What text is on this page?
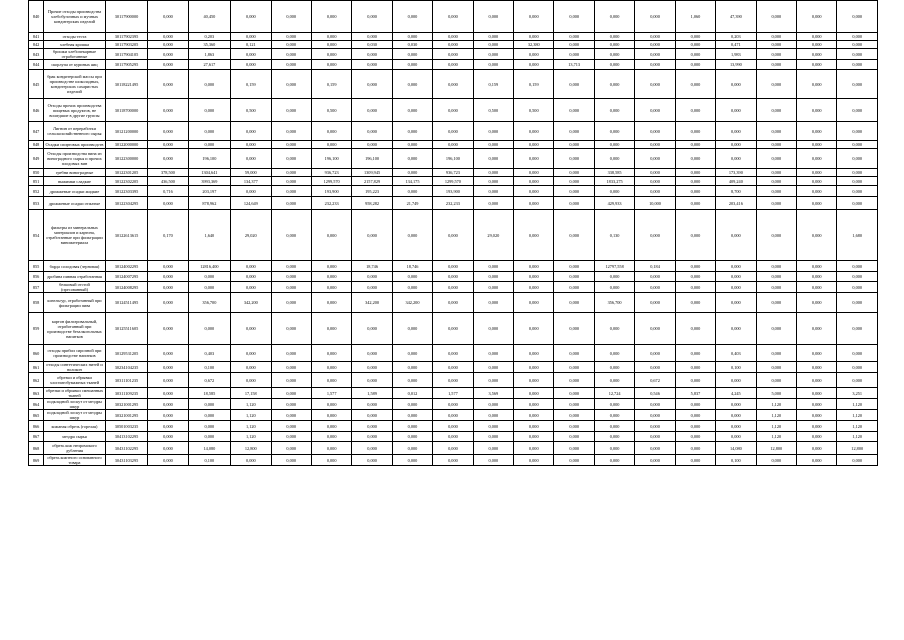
840	Прочие отходы производства хлебобулочных и мучных кондитерских изделий	30117900000	0,000	40,450	0,000	0,000	0,000	0,000	0,000	0,000	0,000	0,000	0,000	0,000	0,000	1,060	47,390	0,000	0,000	0,000
841	отходы теста	30117902395	0,000	0,203	0,000	0,000	0,000	0,000	0,000	0,000	0,000	0,000	0,000	0,000	0,000	0,000	0,203	0,000	0,000	0,000
842	хлебная крошка	30117903205	0,000	35,360	0,121	0,000	0,000	0,030	0,030	0,000	0,000	32,380	0,000	0,000	0,000	0,000	0,471	0,000	0,000	0,000
843	брошки хлебопекарные отработанные	30117904105	0,000	1,863	0,000	0,000	0,000	0,000	0,000	0,000	0,000	0,000	0,000	0,000	0,000	0,000	1,983	0,000	0,000	0,000
844	скорлупа от куриных яиц	30117905295	0,000	27,617	0,000	0,000	0,000	0,000	0,000	0,000	0,000	0,000	13,713	0,000	0,000	0,000	13,990	0,000	0,000	0,000
845	брак кондитерской массы при производстве шоколадных, кондитерских сахаристых изделий	30118221495	0,000	0,000	0,159	0,000	0,159	0,000	0,000	0,000	0,159	0,159	0,000	0,000	0,000	0,000	0,000	0,000	0,000	0,000
846	Отходы прочих производства пищевых продуктов, не вошедшие в другие группы	30118700000	0,000	0,000	0,500	0,000	0,500	0,000	0,000	0,000	0,500	0,500	0,000	0,000	0,000	0,000	0,000	0,000	0,000	0,000
847	Лигнин от переработки сельскохозяйственного сырья	30121200000	0,000	0,000	0,000	0,000	0,000	0,000	0,000	0,000	0,000	0,000	0,000	0,000	0,000	0,000	0,000	0,000	0,000	0,000
848	Осадки спиртовых производств	30122000000	0,000	0,000	0,000	0,000	0,000	0,000	0,000	0,000	0,000	0,000	0,000	0,000	0,000	0,000	0,000	0,000	0,000	0,000
849	Отходы производства вина из виноградного сырья и прочих плодовых вин	30122300000	0,000	196,100	0,000	0,000	196,100	196,100	0,000	196,100	0,000	0,000	0,000	0,000	0,000	0,000	0,000	0,000	0,000	0,000
850	гребни виноградные	30122301205	378,500	1304,641	59,000	0,000	936,723	1309,945	0,000	936,723	0,000	0,000	0,000	338,585	0,000	0,000	173,390	0,000	0,000	0,000
851	выжимки сладкие	30122302205	436,500	3993,369	134,377	0,000	1299,570	2157,829	134,175	1299,570	0,000	0,000	0,000	1833,275	0,000	0,000	409,240	0,000	0,000	0,000
852	дрожжевые осадки жидкие	30122303395	0,716	203,197	0,000	0,000	193,900	195,223	0,000	193,900	0,000	0,000	0,000	0,000	0,000	0,000	8,700	0,000	0,000	0,000
853	дрожжевые осадки отжатые	30122304295	0,000	878,962	124,649	0,000	232,233	958,282	21,749	232,233	0,000	0,000	0,000	429,933	10,000	0,000	203,416	0,000	0,000	0,000
854	фильтры из минеральных материалов и картона, отработанные при фильтрации виноматериала	30122613615	0,170	1,640	29,020	0,000	0,000	0,000	0,000	0,000	29,020	0,000	0,000	0,130	0,000	0,000	0,000	0,000	0,000	1,680
855	барда солодовая (зерновая)	30124002295	0,000	12816,400	0,000	0,000	0,000	18,746	18,746	0,000	0,000	0,000	0,000	12797,558	0,184	0,000	0,000	0,000	0,000	0,000
856	дробина пивная отработанная	30124007295	0,000	0,000	0,000	0,000	0,000	0,000	0,000	0,000	0,000	0,000	0,000	0,000	0,000	0,000	0,000	0,000	0,000	0,000
857	белковый отстой (пресованный)	30124008295	0,000	0,000	0,000	0,000	0,000	0,000	0,000	0,000	0,000	0,000	0,000	0,000	0,000	0,000	0,000	0,000	0,000	0,000
858	кизельгур, отработанный при фильтрации пива	30124511495	0,000	356,700	342,200	0,000	0,000	342,200	342,200	0,000	0,000	0,000	0,000	356,700	0,000	0,000	0,000	0,000	0,000	0,000
859	картон фильтровальный, отработанный при производстве безалкогольных напитков	30125511605	0,000	0,000	0,000	0,000	0,000	0,000	0,000	0,000	0,000	0,000	0,000	0,000	0,000	0,000	0,000	0,000	0,000	0,000
860	отходы прибил сиропной при производстве напитков	30129531205	0,000	0,403	0,000	0,000	0,000	0,000	0,000	0,000	0,000	0,000	0,000	0,000	0,000	0,000	0,403	0,000	0,000	0,000
861	отходы синтетических нитей и волокон	30234104235	0,000	0,100	0,000	0,000	0,000	0,000	0,000	0,000	0,000	0,000	0,000	0,000	0,000	0,000	0,100	0,000	0,000	0,000
862	обрезки и обрывки хлопчатобумажных тканей	30311101235	0,000	0,672	0,000	0,000	0,000	0,000	0,000	0,000	0,000	0,000	0,000	0,000	0,672	0,000	0,000	0,000	0,000	0,000
863	обрезки и обрывки смешанных тканей	30311109235	0,000	18,585	17,158	0,000	1,577	1,589	0,012	1,577	3,569	0,000	0,000	12,724	0,546	5,837	4,245	5,000	0,000	3,251
864	подкладной лоскут от мездры шкур	30321001295	0,000	0,000	1,120	0,000	0,000	0,000	0,000	0,000	0,000	0,000	0,000	0,000	0,000	0,000	0,000	1,120	0,000	1,120
865	подкладной лоскут от мездры шкур	30321001295	0,000	0,000	1,120	0,000	0,000	0,000	0,000	0,000	0,000	0,000	0,000	0,000	0,000	0,000	0,000	1,120	0,000	1,120
866	кожаная обрезь (горелая)	30501003235	0,000	0,000	1,120	0,000	0,000	0,000	0,000	0,000	0,000	0,000	0,000	0,000	0,000	0,000	0,000	1,120	0,000	1,120
867	мездра сырья	30413102295	0,000	0,000	1,120	0,000	0,000	0,000	0,000	0,000	0,000	0,000	0,000	0,000	0,000	0,000	0,000	1,120	0,000	1,120
868	обрезь кож непромокого дубления	30431102295	0,000	14,080	12,800	0,000	0,000	0,000	0,000	0,000	0,000	0,000	0,000	0,000	0,000	0,000	14,080	12,800	0,000	12,800
869	обрезь кожтного основанного товара	30431103295	0,000	0,100	0,000	0,000	0,000	0,000	0,000	0,000	0,000	0,000	0,000	0,000	0,000	0,000	0,100	0,000	0,000	0,000
